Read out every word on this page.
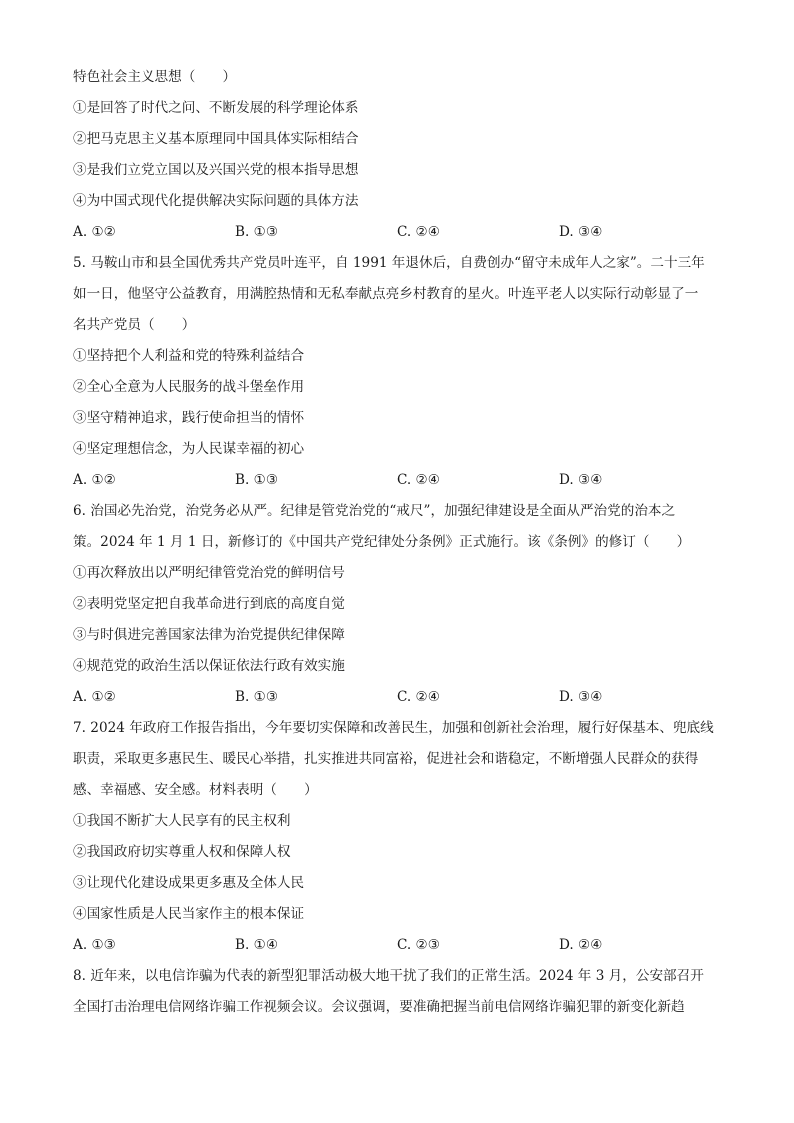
特色社会主义思想（　　）

①是回答了时代之问、不断发展的科学理论体系

②把马克思主义基本原理同中国具体实际相结合

③是我们立党立国以及兴国兴党的根本指导思想

④为中国式现代化提供解决实际问题的具体方法

A. ①②	B. ①③	C. ②④	D. ③④

5. 马鞍山市和县全国优秀共产党员叶连平，自 1991 年退休后，自费创办“留守未成年人之家”。二十三年

如一日，他坚守公益教育，用满腔热情和无私奉献点亮乡村教育的星火。叶连平老人以实际行动彰显了一

名共产党员（　　）

①坚持把个人利益和党的特殊利益结合

②全心全意为人民服务的战斗堡垒作用

③坚守精神追求，践行使命担当的情怀

④坚定理想信念，为人民谋幸福的初心

A. ①②	B. ①③	C. ②④	D. ③④

6. 治国必先治党，治党务必从严。纪律是管党治党的“戒尺”，加强纪律建设是全面从严治党的治本之

策。2024 年 1 月 1 日，新修订的《中国共产党纪律处分条例》正式施行。该《条例》的修订（　　）

①再次释放出以严明纪律管党治党的鲜明信号

②表明党坚定把自我革命进行到底的高度自觉

③与时俱进完善国家法律为治党提供纪律保障

④规范党的政治生活以保证依法行政有效实施

A. ①②	B. ①③	C. ②④	D. ③④

7. 2024 年政府工作报告指出，今年要切实保障和改善民生，加强和创新社会治理，履行好保基本、兜底线

职责，采取更多惠民生、暖民心举措，扎实推进共同富裕，促进社会和谐稳定，不断增强人民群众的获得

感、幸福感、安全感。材料表明（　　）

①我国不断扩大人民享有的民主权利

②我国政府切实尊重人权和保障人权

③让现代化建设成果更多惠及全体人民

④国家性质是人民当家作主的根本保证

A. ①③	B. ①④	C. ②③	D. ②④

8. 近年来，以电信诈骗为代表的新型犯罪活动极大地干扰了我们的正常生活。2024 年 3 月，公安部召开

全国打击治理电信网络诈骗工作视频会议。会议强调，要准确把握当前电信网络诈骗犯罪的新变化新趋
